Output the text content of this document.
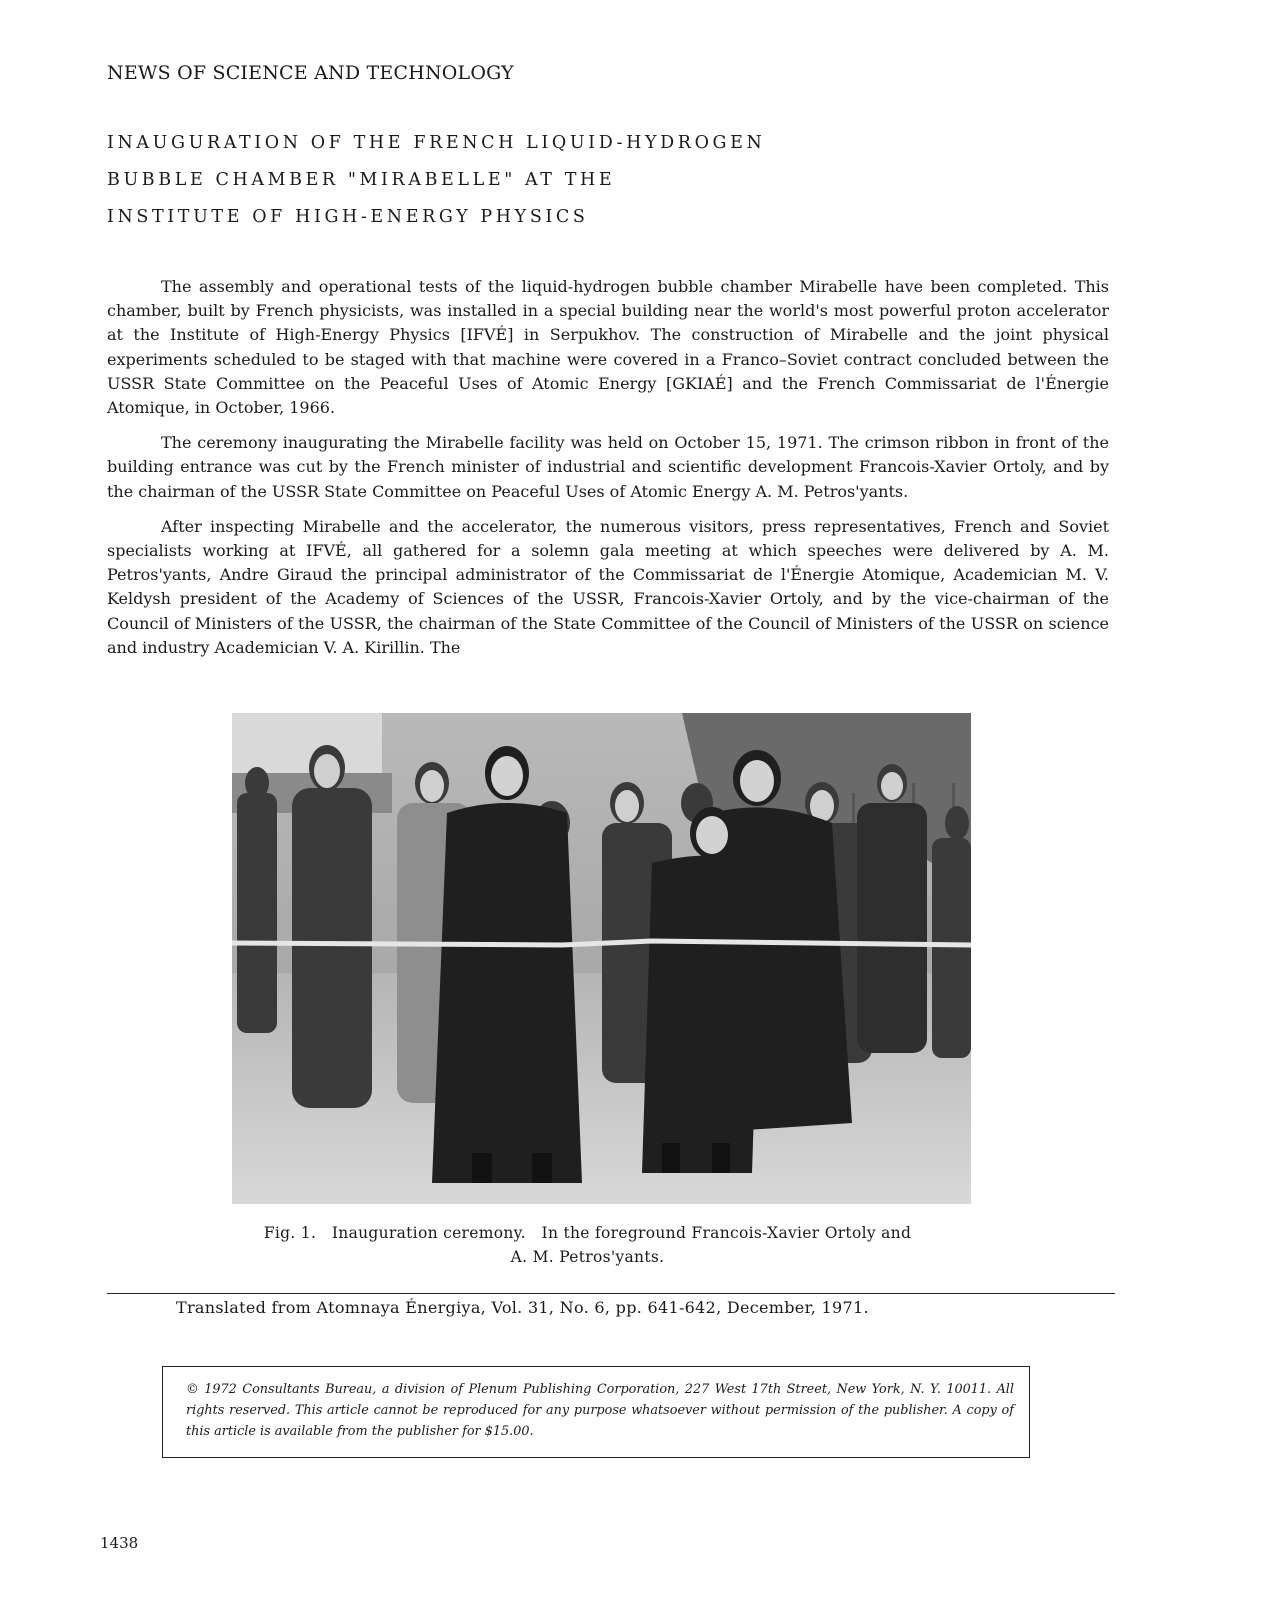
NEWS OF SCIENCE AND TECHNOLOGY
INAUGURATION OF THE FRENCH LIQUID-HYDROGEN
BUBBLE CHAMBER "MIRABELLE" AT THE
INSTITUTE OF HIGH-ENERGY PHYSICS

The assembly and operational tests of the liquid-hydrogen bubble chamber Mirabelle have been completed. This chamber, built by French physicists, was installed in a special building near the world's most powerful proton accelerator at the Institute of High-Energy Physics [IFVÉ] in Serpukhov. The construction of Mirabelle and the joint physical experiments scheduled to be staged with that machine were covered in a Franco–Soviet contract concluded between the USSR State Committee on the Peaceful Uses of Atomic Energy [GKIAÉ] and the French Commissariat de l'Énergie Atomique, in October, 1966.

The ceremony inaugurating the Mirabelle facility was held on October 15, 1971. The crimson ribbon in front of the building entrance was cut by the French minister of industrial and scientific development Francois-Xavier Ortoly, and by the chairman of the USSR State Committee on Peaceful Uses of Atomic Energy A. M. Petros'yants.

After inspecting Mirabelle and the accelerator, the numerous visitors, press representatives, French and Soviet specialists working at IFVÉ, all gathered for a solemn gala meeting at which speeches were delivered by A. M. Petros'yants, Andre Giraud the principal administrator of the Commissariat de l'Énergie Atomique, Academician M. V. Keldysh president of the Academy of Sciences of the USSR, Francois-Xavier Ortoly, and by the vice-chairman of the Council of Ministers of the USSR, the chairman of the State Committee of the Council of Ministers of the USSR on science and industry Academician V. A. Kirillin. The

Fig. 1.   Inauguration ceremony.   In the foreground Francois-Xavier Ortoly and
A. M. Petros'yants.
Translated from Atomnaya Énergiya, Vol. 31, No. 6, pp. 641-642, December, 1971.
© 1972 Consultants Bureau, a division of Plenum Publishing Corporation, 227 West 17th Street, New York, N. Y. 10011. All rights reserved. This article cannot be reproduced for any purpose whatsoever without permission of the publisher. A copy of this article is available from the publisher for $15.00.
1438
